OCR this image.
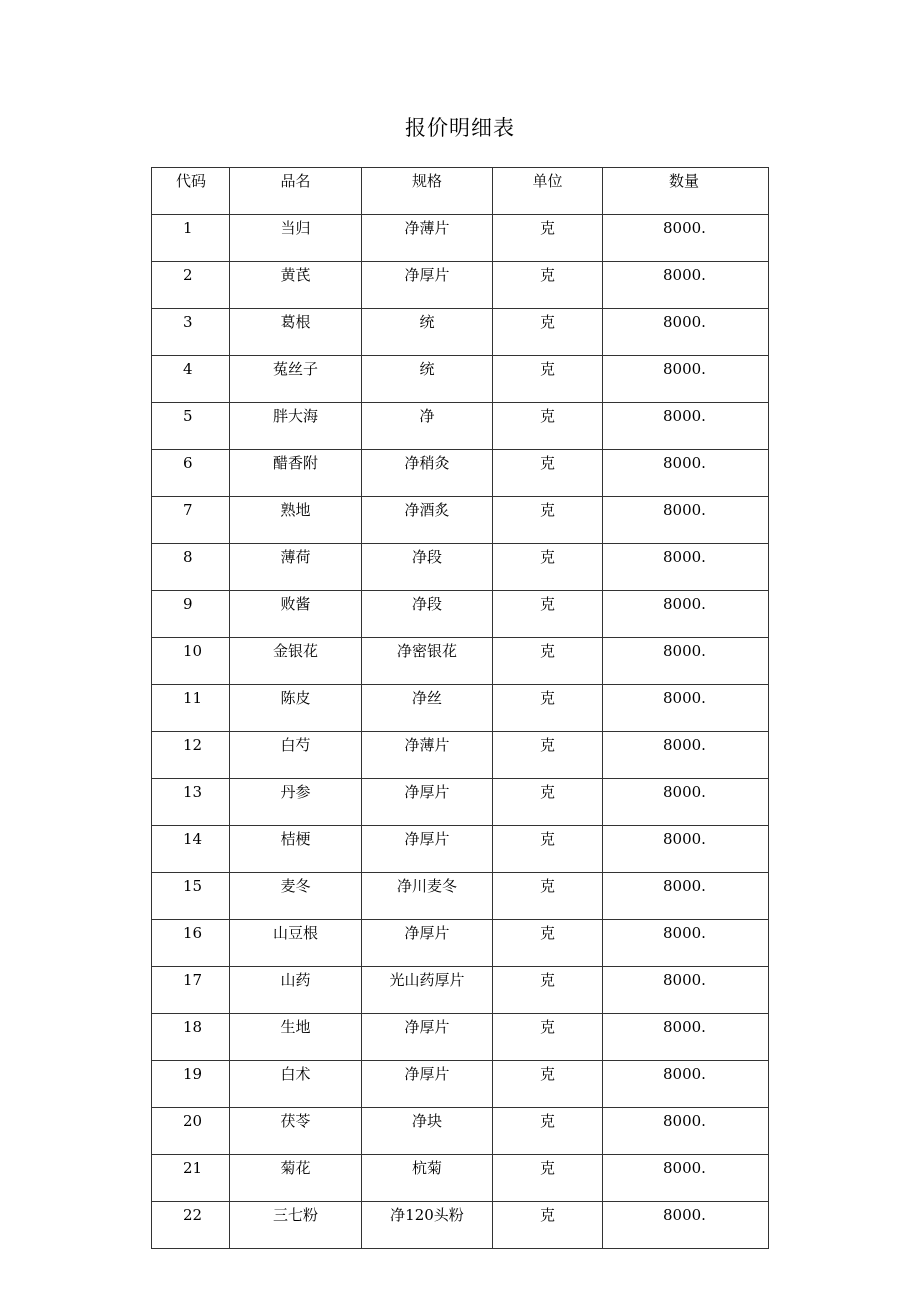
报价明细表
代码	品名	规格	单位	数量
1	当归	净薄片	克	8000.
2	黄芪	净厚片	克	8000.
3	葛根	统	克	8000.
4	菟丝子	统	克	8000.
5	胖大海	净	克	8000.
6	醋香附	净稍灸	克	8000.
7	熟地	净酒炙	克	8000.
8	薄荷	净段	克	8000.
9	败酱	净段	克	8000.
10	金银花	净密银花	克	8000.
11	陈皮	净丝	克	8000.
12	白芍	净薄片	克	8000.
13	丹参	净厚片	克	8000.
14	桔梗	净厚片	克	8000.
15	麦冬	净川麦冬	克	8000.
16	山豆根	净厚片	克	8000.
17	山药	光山药厚片	克	8000.
18	生地	净厚片	克	8000.
19	白术	净厚片	克	8000.
20	茯苓	净块	克	8000.
21	菊花	杭菊	克	8000.
22	三七粉	净120头粉	克	8000.
